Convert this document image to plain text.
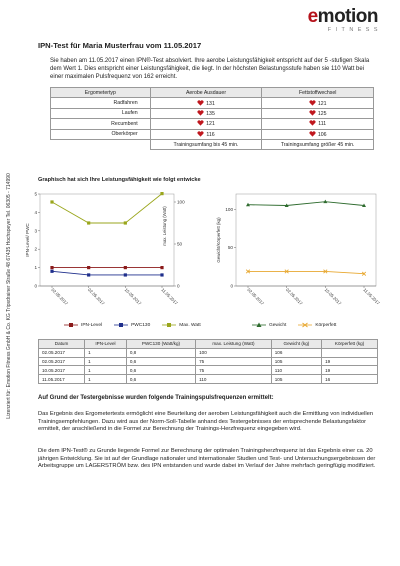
Lizenziert für: Emotion Fitness GmbH & Co. KG Tripsdrainer Straße 48 67435 Hochspeyer Tel. 06305 - 714990
emotion
FITNESS
IPN-Test für Maria Musterfrau vom 11.05.2017
Sie haben am 11.05.2017 einen IPN®-Test absolviert. Ihre aerobe Leistungsfähigkeit entspricht auf der 5 -stufigen Skala dem Wert 1. Dies entspricht einer Leistungsfähigkeit, die liegt. In der höchsten Belastungsstufe haben sie 110 Watt bei einer maximalen Pulsfrequenz von 162 erreicht.
Ergometertyp	Aerobe Ausdauer	Fettstoffwechsel
Radfahren	131	121
Laufen	135	125
Recumbent	121	111
Oberkörper	116	106
	Trainingsumfang bis 45 min.	Trainingsumfang größer 45 min.
Graphisch hat sich Ihre Leistungsfähigkeit wie folgt entwicke
0
1
2
3
4
5
0
50
100
IPN-Level/ PWC	max. Leistung (Watt)
02.05.2017	02.05.2017	10.05.2017	11.05.2017
0
50
100
Gewicht/Körperfett (kg)
02.05.2017	02.05.2017	10.05.2017	11.05.2017
IPN-Level	PWC130	Max. Watt	Gewicht	Körperfett
Datum	IPN-Level	PWC130 (Watt/kg)	max. Leistung (Watt)	Gewicht (kg)	Körperfett (kg)
02.05.2017	1	0,8	100	106	
02.05.2017	1	0,6	75	105	19
10.05.2017	1	0,6	75	110	19
11.05.2017	1	0,6	110	105	16
Auf Grund der Testergebnisse wurden folgende Trainingspulsfrequenzen ermittelt:
Das Ergebnis des Ergometertests ermöglicht eine Beurteilung der aeroben Leistungsfähigkeit auch die Ermittlung von individuellen Trainingsempfehlungen. Dazu wird aus der Norm-Soll-Tabelle anhand des Testergebnisses der entsprechende Belastungsfaktor ermittelt, der anschließend in die Formel zur Berechnung der Trainings-Herzfrequenz eingegeben wird.
Die dem IPN-Test® zu Grunde liegende Formel zur Berechnung der optimalen Trainingsherzfrequenz ist das Ergebnis einer ca. 20 jährigen Entwicklung. Sie ist auf der Grundlage nationaler und internationaler Studien und Test- und Untersuchungsergebnissen der Arbeitsgruppe um LAGERSTRÖM bzw. des IPN entstanden und wurde dabei im Verlauf der Jahre mehrfach geringfügig modifiziert.
